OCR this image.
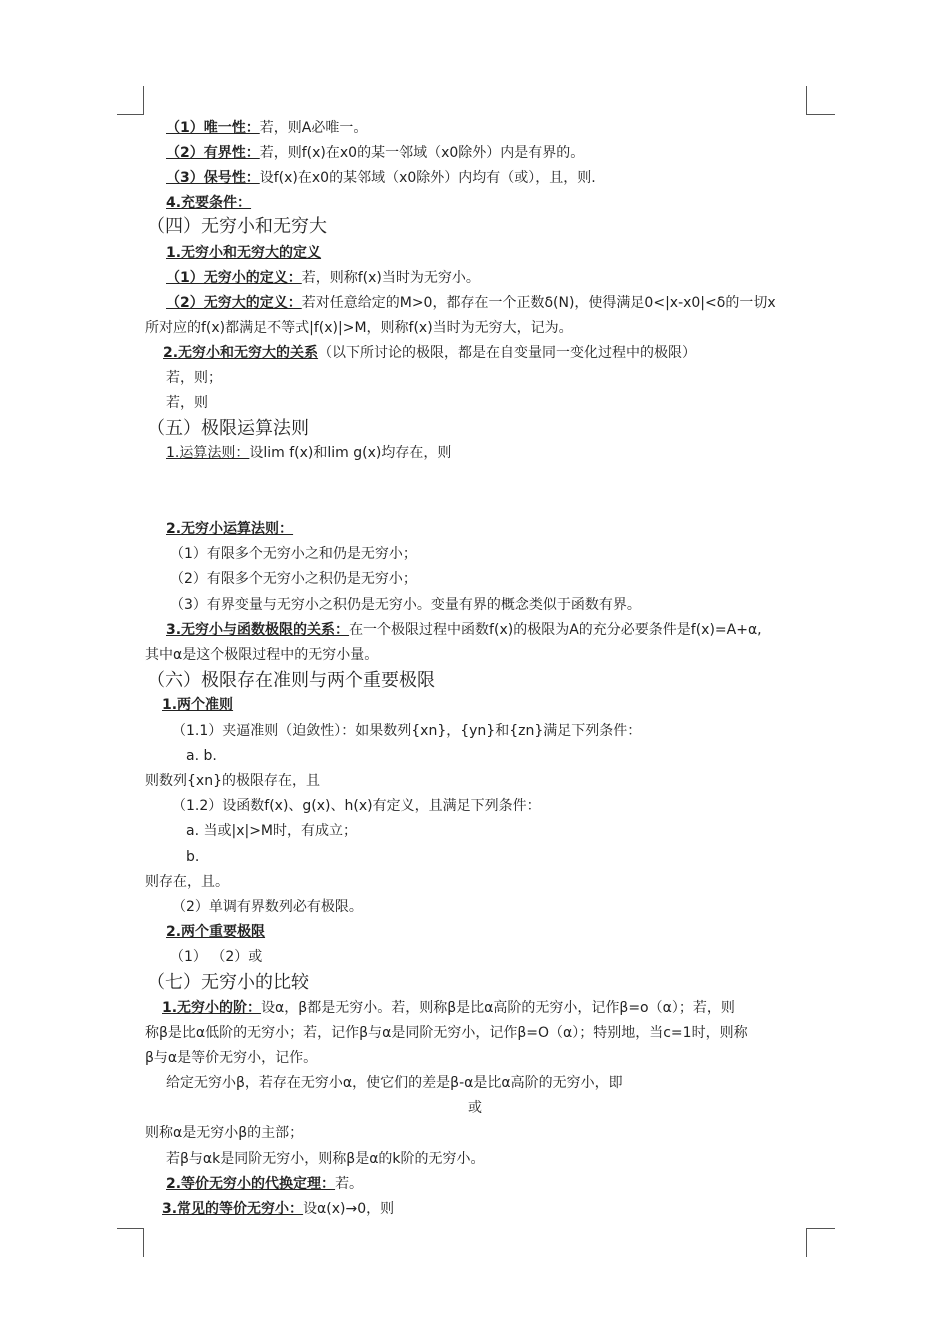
（1）唯一性：若，则A必唯一。
（2）有界性：若，则f(x)在x0的某一邻域（x0除外）内是有界的。
（3）保号性：设f(x)在x0的某邻域（x0除外）内均有（或），且，则.
4.充要条件：
（四）无穷小和无穷大
1.无穷小和无穷大的定义
（1）无穷小的定义：若，则称f(x)当时为无穷小。
（2）无穷大的定义：若对任意给定的M>0，都存在一个正数δ(N)，使得满足0<|x-x0|<δ的一切x
所对应的f(x)都满足不等式|f(x)|>M，则称f(x)当时为无穷大，记为。
2.无穷小和无穷大的关系（以下所讨论的极限，都是在自变量同一变化过程中的极限）
若，则；
若，则
（五）极限运算法则
1.运算法则：设lim f(x)和lim g(x)均存在，则
2.无穷小运算法则：
（1）有限多个无穷小之和仍是无穷小；
（2）有限多个无穷小之积仍是无穷小；
（3）有界变量与无穷小之积仍是无穷小。变量有界的概念类似于函数有界。
3.无穷小与函数极限的关系：在一个极限过程中函数f(x)的极限为A的充分必要条件是f(x)=A+α,
其中α是这个极限过程中的无穷小量。
（六）极限存在准则与两个重要极限
1.两个准则
（1.1）夹逼准则（迫敛性）：如果数列{xn}，{yn}和{zn}满足下列条件：
a. b.
则数列{xn}的极限存在，且
（1.2）设函数f(x)、g(x)、h(x)有定义，且满足下列条件：
a. 当或|x|>M时，有成立；
b.
则存在，且。
（2）单调有界数列必有极限。
2.两个重要极限
（1） （2）或
（七）无穷小的比较
1.无穷小的阶：设α，β都是无穷小。若，则称β是比α高阶的无穷小，记作β=o（α）；若，则
称β是比α低阶的无穷小；若，记作β与α是同阶无穷小，记作β=O（α）；特别地，当c=1时，则称
β与α是等价无穷小，记作。
给定无穷小β，若存在无穷小α，使它们的差是β-α是比α高阶的无穷小，即
或
则称α是无穷小β的主部；
若β与αk是同阶无穷小，则称β是α的k阶的无穷小。
2.等价无穷小的代换定理：若。
3.常见的等价无穷小：设α(x)→0，则
